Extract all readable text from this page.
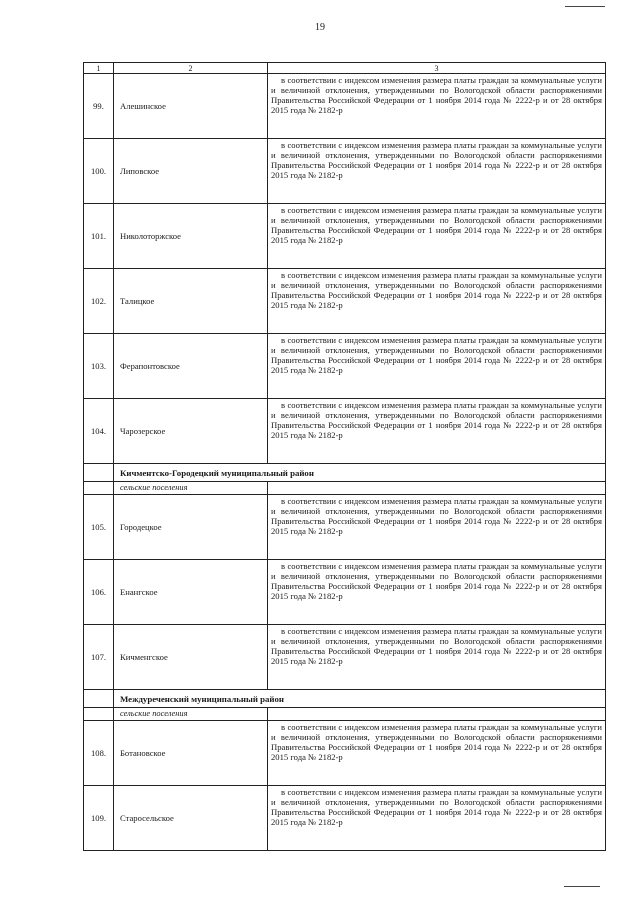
19
1	2	3
99.	Алешинское	в соответствии с индексом изменения размера платы граждан за коммунальные услуги и величиной отклонения, утвержденными по Вологодской области распоряжениями Правительства Российской Федерации от 1 ноября 2014 года № 2222-р и от 28 октября 2015 года № 2182-р
100.	Липовское	в соответствии с индексом изменения размера платы граждан за коммунальные услуги и величиной отклонения, утвержденными по Вологодской области распоряжениями Правительства Российской Федерации от 1 ноября 2014 года № 2222-р и от 28 октября 2015 года № 2182-р
101.	Николоторжское	в соответствии с индексом изменения размера платы граждан за коммунальные услуги и величиной отклонения, утвержденными по Вологодской области распоряжениями Правительства Российской Федерации от 1 ноября 2014 года № 2222-р и от 28 октября 2015 года № 2182-р
102.	Талицкое	в соответствии с индексом изменения размера платы граждан за коммунальные услуги и величиной отклонения, утвержденными по Вологодской области распоряжениями Правительства Российской Федерации от 1 ноября 2014 года № 2222-р и от 28 октября 2015 года № 2182-р
103.	Ферапонтовское	в соответствии с индексом изменения размера платы граждан за коммунальные услуги и величиной отклонения, утвержденными по Вологодской области распоряжениями Правительства Российской Федерации от 1 ноября 2014 года № 2222-р и от 28 октября 2015 года № 2182-р
104.	Чарозерское	в соответствии с индексом изменения размера платы граждан за коммунальные услуги и величиной отклонения, утвержденными по Вологодской области распоряжениями Правительства Российской Федерации от 1 ноября 2014 года № 2222-р и от 28 октября 2015 года № 2182-р
	Кичментско-Городецкий муниципальный район	
	сельские поселения	
105.	Городецкое	в соответствии с индексом изменения размера платы граждан за коммунальные услуги и величиной отклонения, утвержденными по Вологодской области распоряжениями Правительства Российской Федерации от 1 ноября 2014 года № 2222-р и от 28 октября 2015 года № 2182-р
106.	Енангское	в соответствии с индексом изменения размера платы граждан за коммунальные услуги и величиной отклонения, утвержденными по Вологодской области распоряжениями Правительства Российской Федерации от 1 ноября 2014 года № 2222-р и от 28 октября 2015 года № 2182-р
107.	Кичменгское	в соответствии с индексом изменения размера платы граждан за коммунальные услуги и величиной отклонения, утвержденными по Вологодской области распоряжениями Правительства Российской Федерации от 1 ноября 2014 года № 2222-р и от 28 октября 2015 года № 2182-р
	Междуреченский муниципальный район	
	сельские поселения	
108.	Ботановское	в соответствии с индексом изменения размера платы граждан за коммунальные услуги и величиной отклонения, утвержденными по Вологодской области распоряжениями Правительства Российской Федерации от 1 ноября 2014 года № 2222-р и от 28 октября 2015 года № 2182-р
109.	Старосельское	в соответствии с индексом изменения размера платы граждан за коммунальные услуги и величиной отклонения, утвержденными по Вологодской области распоряжениями Правительства Российской Федерации от 1 ноября 2014 года № 2222-р и от 28 октября 2015 года № 2182-р
